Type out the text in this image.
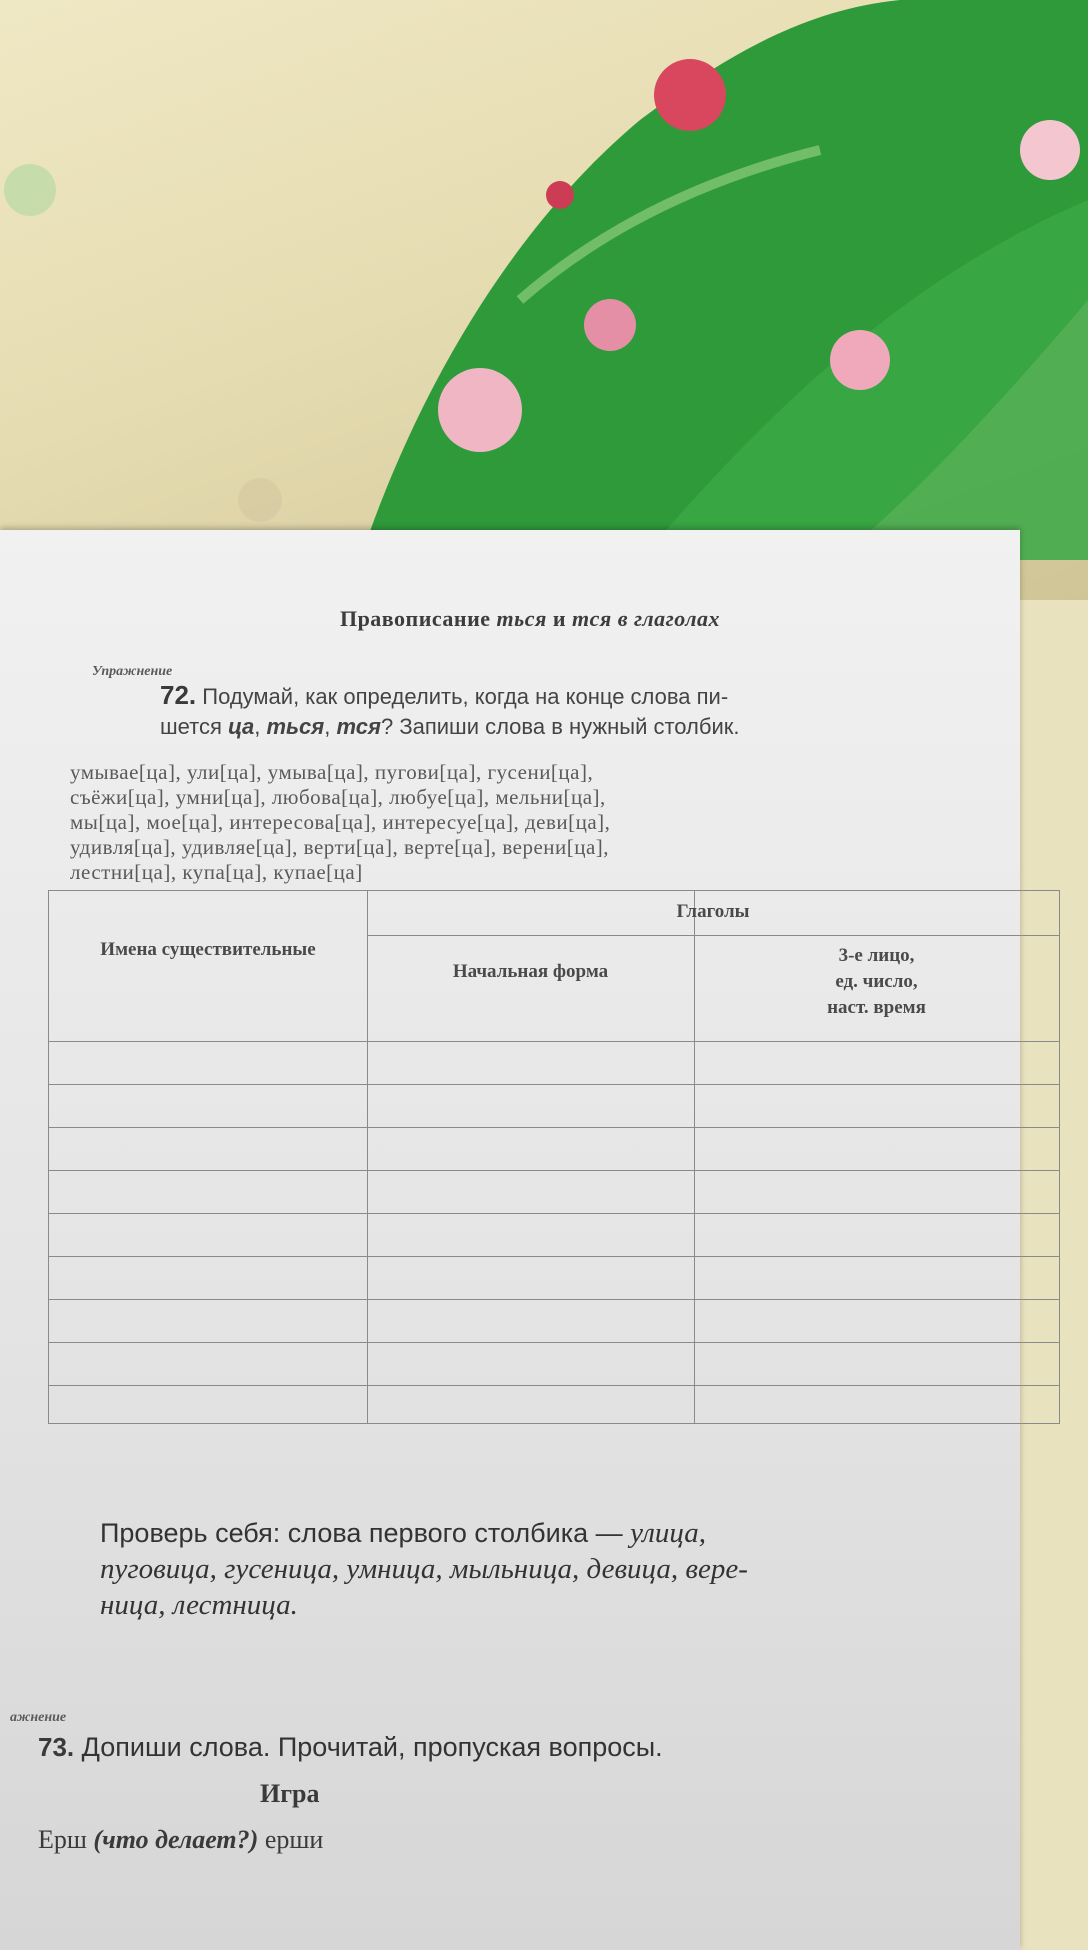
Правописание ться и тся в глаголах
Упражнение
72. Подумай, как определить, когда на конце слова пи-
шется ца, ться, тся? Запиши слова в нужный столбик.
умывае[ца], ули[ца], умыва[ца], пугови[ца], гусени[ца],
съёжи[ца], умни[ца], любова[ца], любуе[ца], мельни[ца],
мы[ца], мое[ца], интересова[ца], интересуе[ца], деви[ца],
удивля[ца], удивляе[ца], верти[ца], верте[ца], верени[ца],
лестни[ца], купа[ца], купае[ца]
Имена существительные
Глаголы
Начальная форма
3-е лицо,
ед. число,
наст. время
Проверь себя: слова первого столбика — улица,
пуговица, гусеница, умница, мыльница, девица, вере-
ница, лестница.
ажнение
73. Допиши слова. Прочитай, пропуская вопросы.
Игра
Ерш (что делает?) ерши
